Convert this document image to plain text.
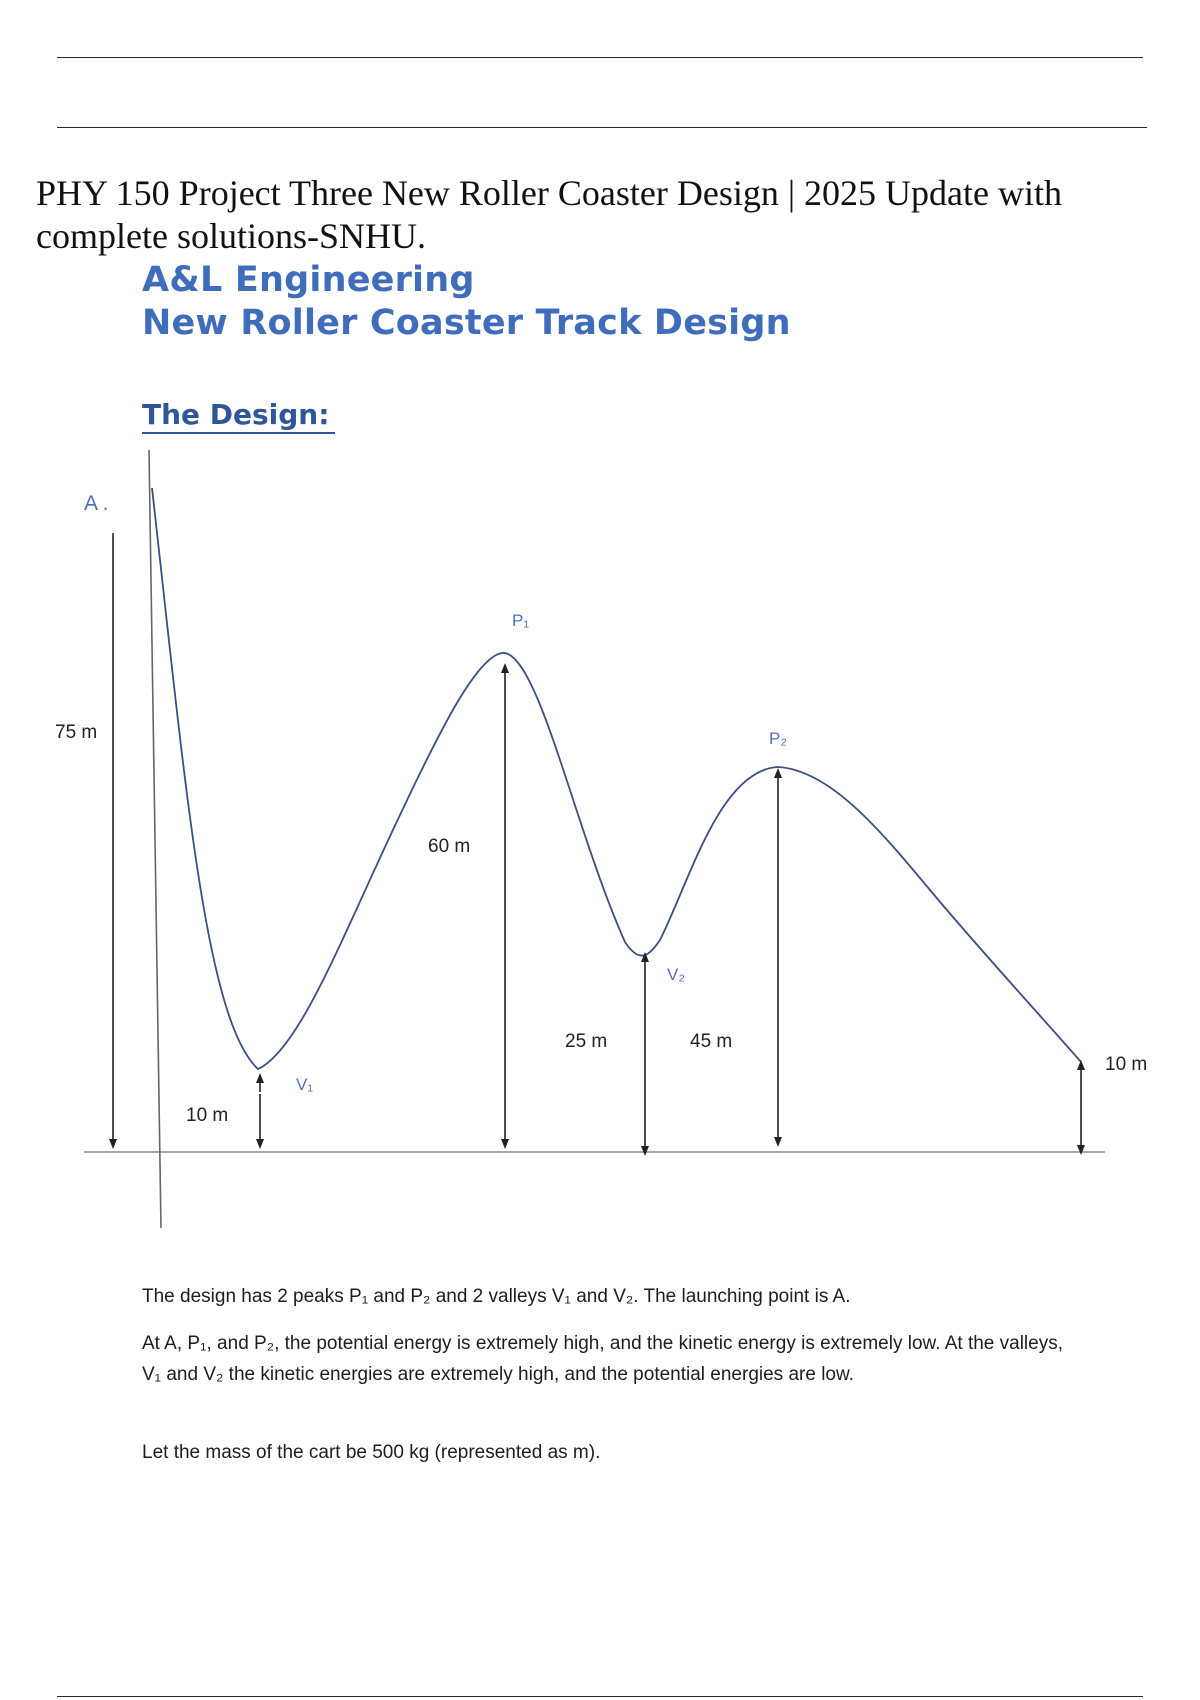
PHY 150 Project Three New Roller Coaster Design | 2025 Update with complete solutions-SNHU.
A&L Engineering
New Roller Coaster Track Design
The Design:
A .
P₁
P₂
V₁
V₂
75 m
10 m
60 m
25 m	45 m
10 m
The design has 2 peaks P₁ and P₂ and 2 valleys V₁ and V₂. The launching point is A.
At A, P₁, and P₂, the potential energy is extremely high, and the kinetic energy is extremely low. At the valleys, V₁ and V₂ the kinetic energies are extremely high, and the potential energies are low.
Let the mass of the cart be 500 kg (represented as m).
